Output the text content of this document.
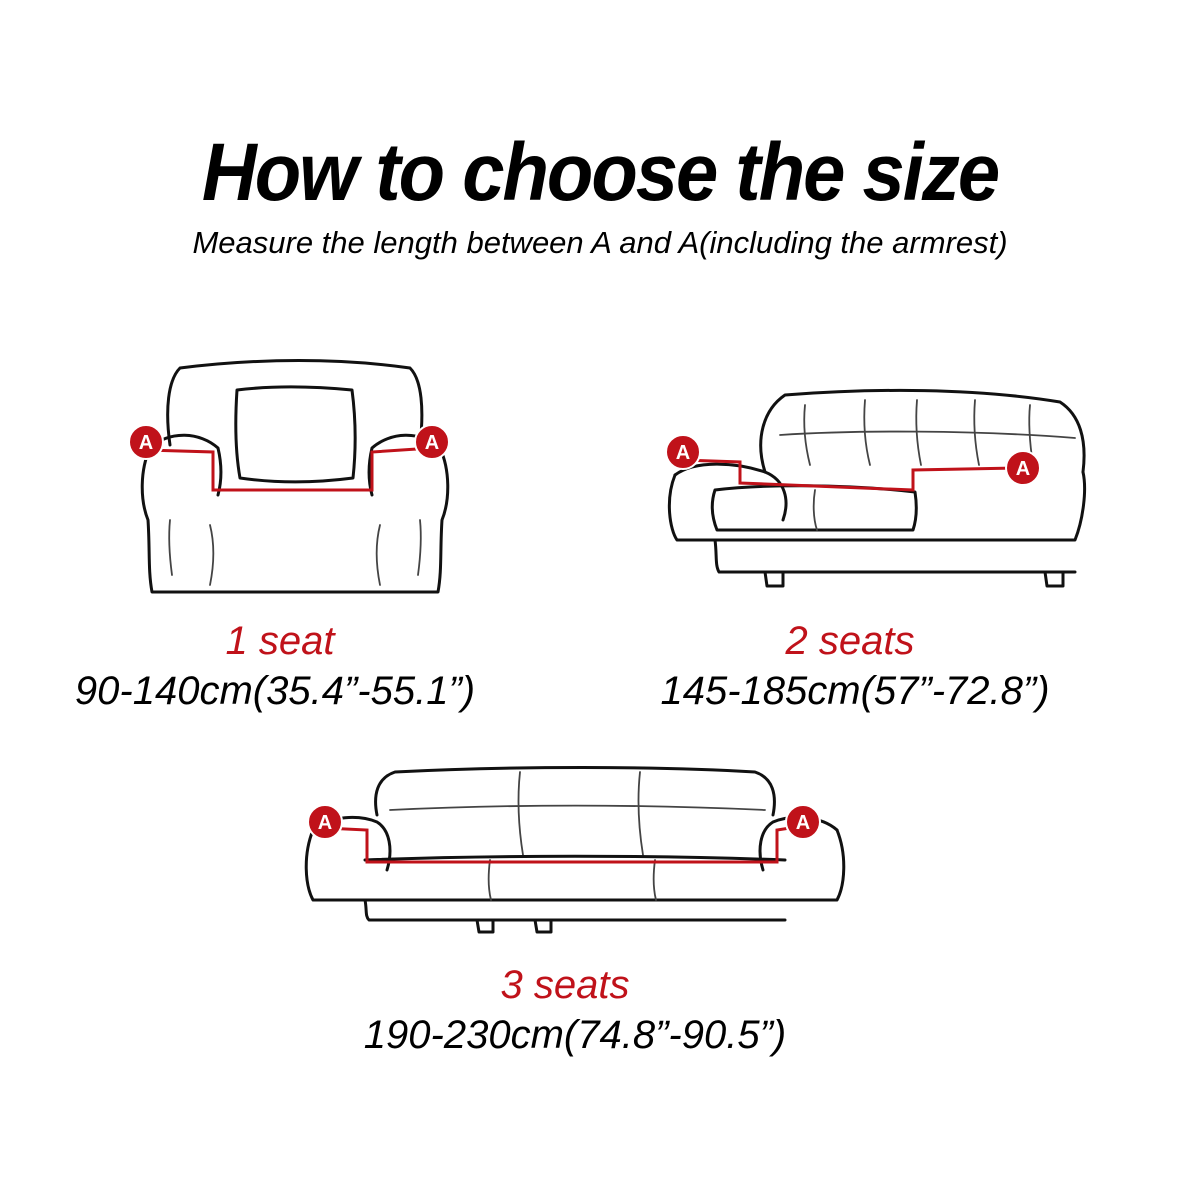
How to choose the size
Measure the length between A and A(including the armrest)
A	A	A
A
A	A
1 seat
90-140cm(35.4”-55.1”)
2 seats
145-185cm(57”-72.8”)
3 seats
190-230cm(74.8”-90.5”)
